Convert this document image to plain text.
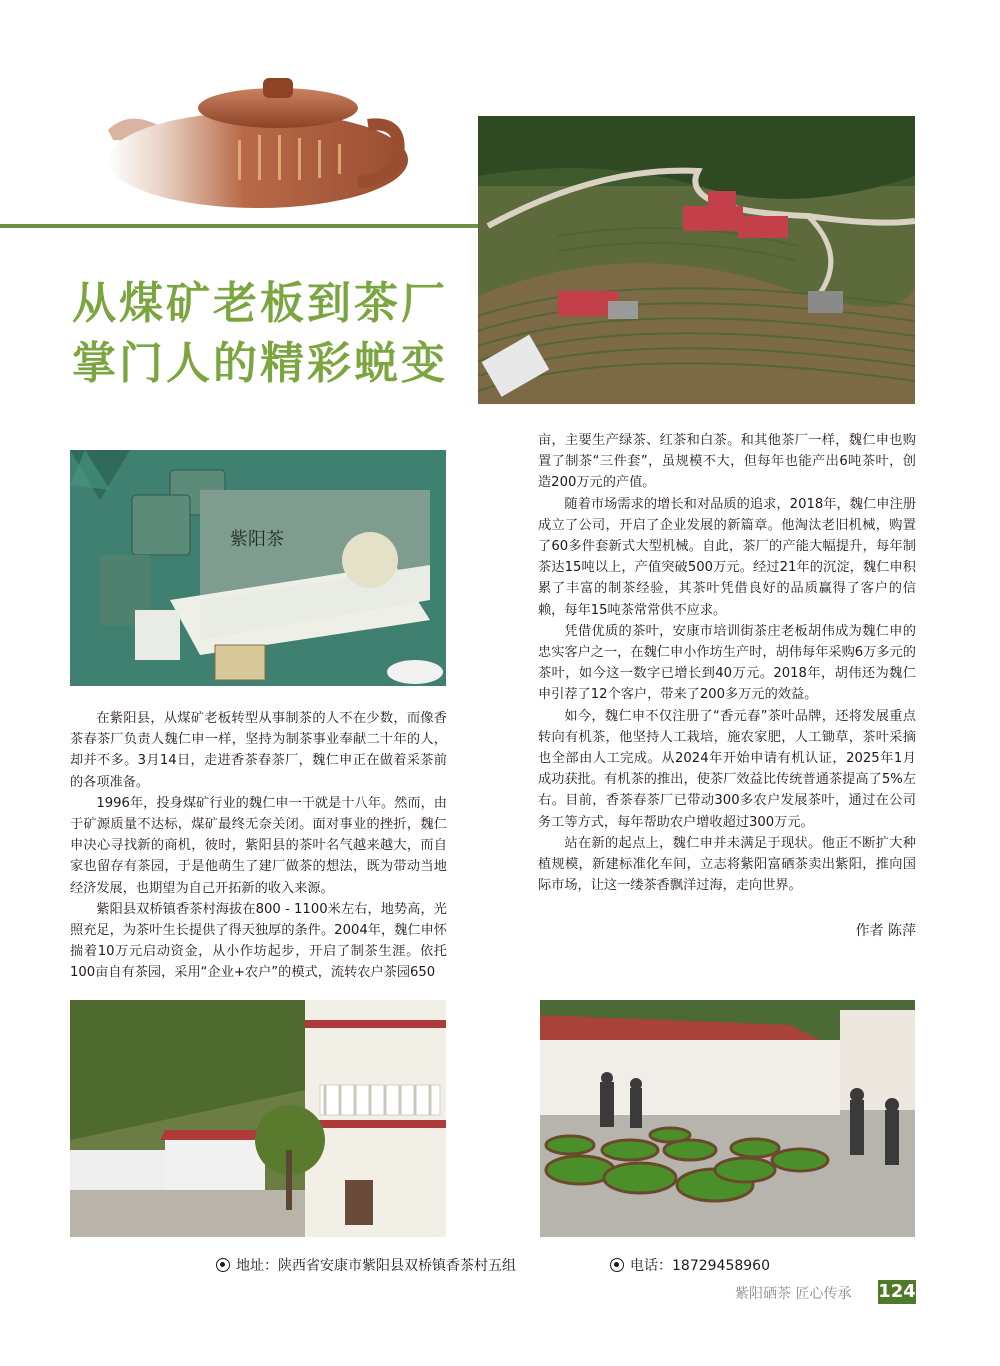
从煤矿老板到茶厂
掌门人的精彩蜕变
紫阳茶

在紫阳县，从煤矿老板转型从事制茶的人不在少数，而像香茶春茶厂负责人魏仁申一样，坚持为制茶事业奉献二十年的人，却并不多。3月14日，走进香茶春茶厂，魏仁申正在做着采茶前的各项准备。

1996年，投身煤矿行业的魏仁申一干就是十八年。然而，由于矿源质量不达标，煤矿最终无奈关闭。面对事业的挫折，魏仁申决心寻找新的商机，彼时，紫阳县的茶叶名气越来越大，而自家也留存有茶园，于是他萌生了建厂做茶的想法，既为带动当地经济发展，也期望为自己开拓新的收入来源。

紫阳县双桥镇香茶村海拔在800 - 1100米左右，地势高，光照充足，为茶叶生长提供了得天独厚的条件。2004年，魏仁申怀揣着10万元启动资金，从小作坊起步，开启了制茶生涯。依托100亩自有茶园，采用“企业+农户”的模式，流转农户茶园650

亩，主要生产绿茶、红茶和白茶。和其他茶厂一样，魏仁申也购置了制茶“三件套”，虽规模不大，但每年也能产出6吨茶叶，创造200万元的产值。

随着市场需求的增长和对品质的追求，2018年，魏仁申注册成立了公司，开启了企业发展的新篇章。他淘汰老旧机械，购置了60多件套新式大型机械。自此，茶厂的产能大幅提升，每年制茶达15吨以上，产值突破500万元。经过21年的沉淀，魏仁申积累了丰富的制茶经验，其茶叶凭借良好的品质赢得了客户的信赖，每年15吨茶常常供不应求。

凭借优质的茶叶，安康市培训街茶庄老板胡伟成为魏仁申的忠实客户之一，在魏仁申小作坊生产时，胡伟每年采购6万多元的茶叶，如今这一数字已增长到40万元。2018年，胡伟还为魏仁申引荐了12个客户，带来了200多万元的效益。

如今，魏仁申不仅注册了“香元春”茶叶品牌，还将发展重点转向有机茶，他坚持人工栽培，施农家肥，人工锄草，茶叶采摘也全部由人工完成。从2024年开始申请有机认证，2025年1月成功获批。有机茶的推出，使茶厂效益比传统普通茶提高了5%左右。目前，香茶春茶厂已带动300多农户发展茶叶，通过在公司务工等方式，每年帮助农户增收超过300万元。

站在新的起点上，魏仁申并未满足于现状。他正不断扩大种植规模，新建标准化车间，立志将紫阳富硒茶卖出紫阳，推向国际市场，让这一缕茶香飘洋过海，走向世界。

作者 陈萍
地址：陕西省安康市紫阳县双桥镇香茶村五组	电话：18729458960
紫阳硒茶 匠心传承	124
